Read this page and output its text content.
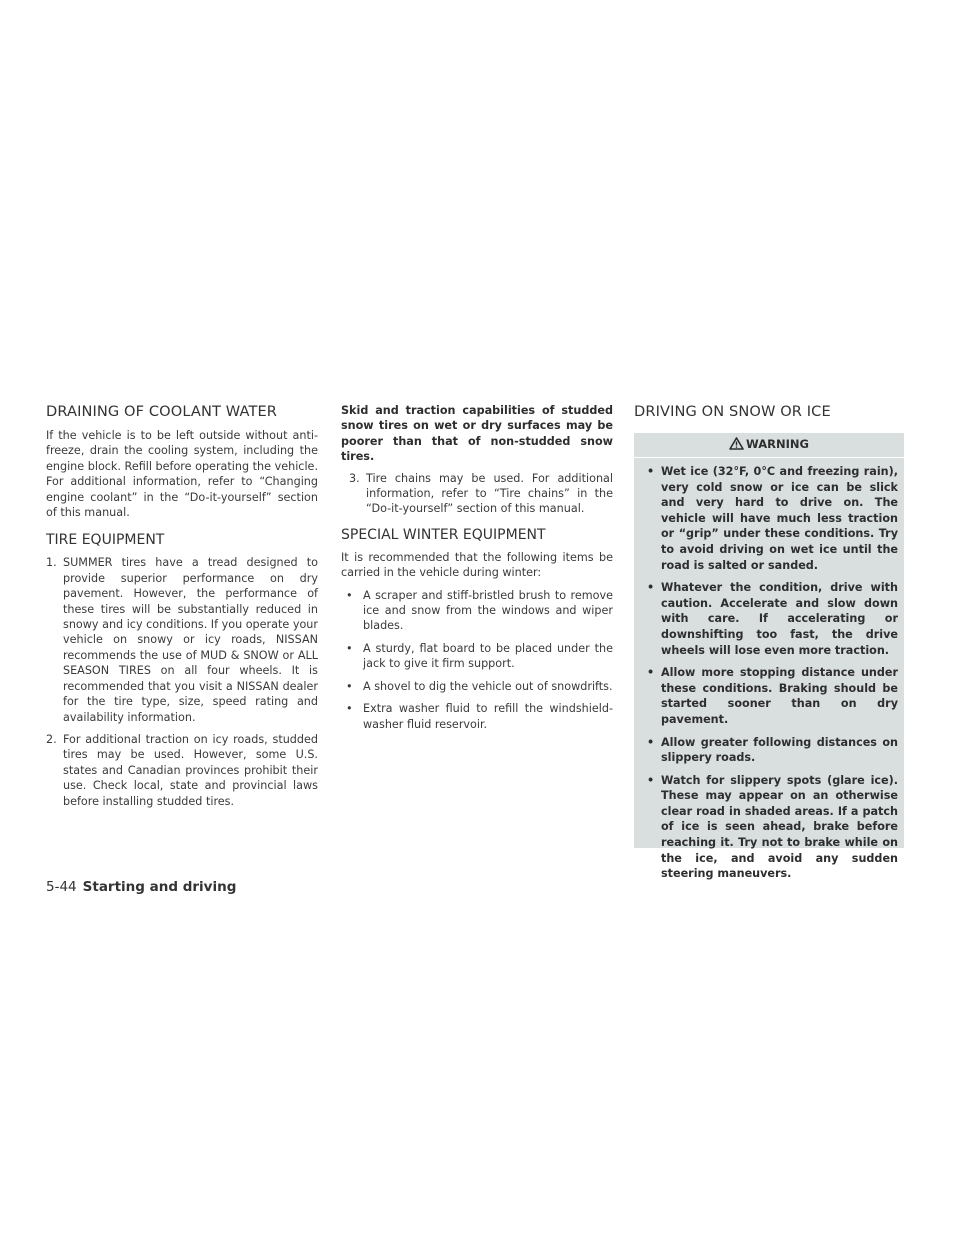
DRAINING OF COOLANT WATER

If the vehicle is to be left outside without anti-freeze, drain the cooling system, including the engine block. Refill before operating the vehicle. For additional information, refer to “Changing engine coolant” in the “Do-it-yourself” section of this manual.

TIRE EQUIPMENT
1. SUMMER tires have a tread designed to provide superior performance on dry pavement. However, the performance of these tires will be substantially reduced in snowy and icy conditions. If you operate your vehicle on snowy or icy roads, NISSAN recommends the use of MUD & SNOW or ALL SEASON TIRES on all four wheels. It is recommended that you visit a NISSAN dealer for the tire type, size, speed rating and availability information.
2. For additional traction on icy roads, studded tires may be used. However, some U.S. states and Canadian provinces prohibit their use. Check local, state and provincial laws before installing studded tires.

Skid and traction capabilities of studded snow tires on wet or dry surfaces may be poorer than that of non-studded snow tires.

3. Tire chains may be used. For additional information, refer to “Tire chains” in the “Do-it-yourself” section of this manual.
SPECIAL WINTER EQUIPMENT

It is recommended that the following items be carried in the vehicle during winter:

• A scraper and stiff-bristled brush to remove ice and snow from the windows and wiper blades.
• A sturdy, flat board to be placed under the jack to give it firm support.
• A shovel to dig the vehicle out of snowdrifts.
• Extra washer fluid to refill the windshield-washer fluid reservoir.
DRIVING ON SNOW OR ICE
WARNING
• Wet ice (32°F, 0°C and freezing rain), very cold snow or ice can be slick and very hard to drive on. The vehicle will have much less traction or “grip” under these conditions. Try to avoid driving on wet ice until the road is salted or sanded.
• Whatever the condition, drive with caution. Accelerate and slow down with care. If accelerating or downshifting too fast, the drive wheels will lose even more traction.
• Allow more stopping distance under these conditions. Braking should be started sooner than on dry pavement.
• Allow greater following distances on slippery roads.
• Watch for slippery spots (glare ice). These may appear on an otherwise clear road in shaded areas. If a patch of ice is seen ahead, brake before reaching it. Try not to brake while on the ice, and avoid any sudden steering maneuvers.
5-44 Starting and driving
